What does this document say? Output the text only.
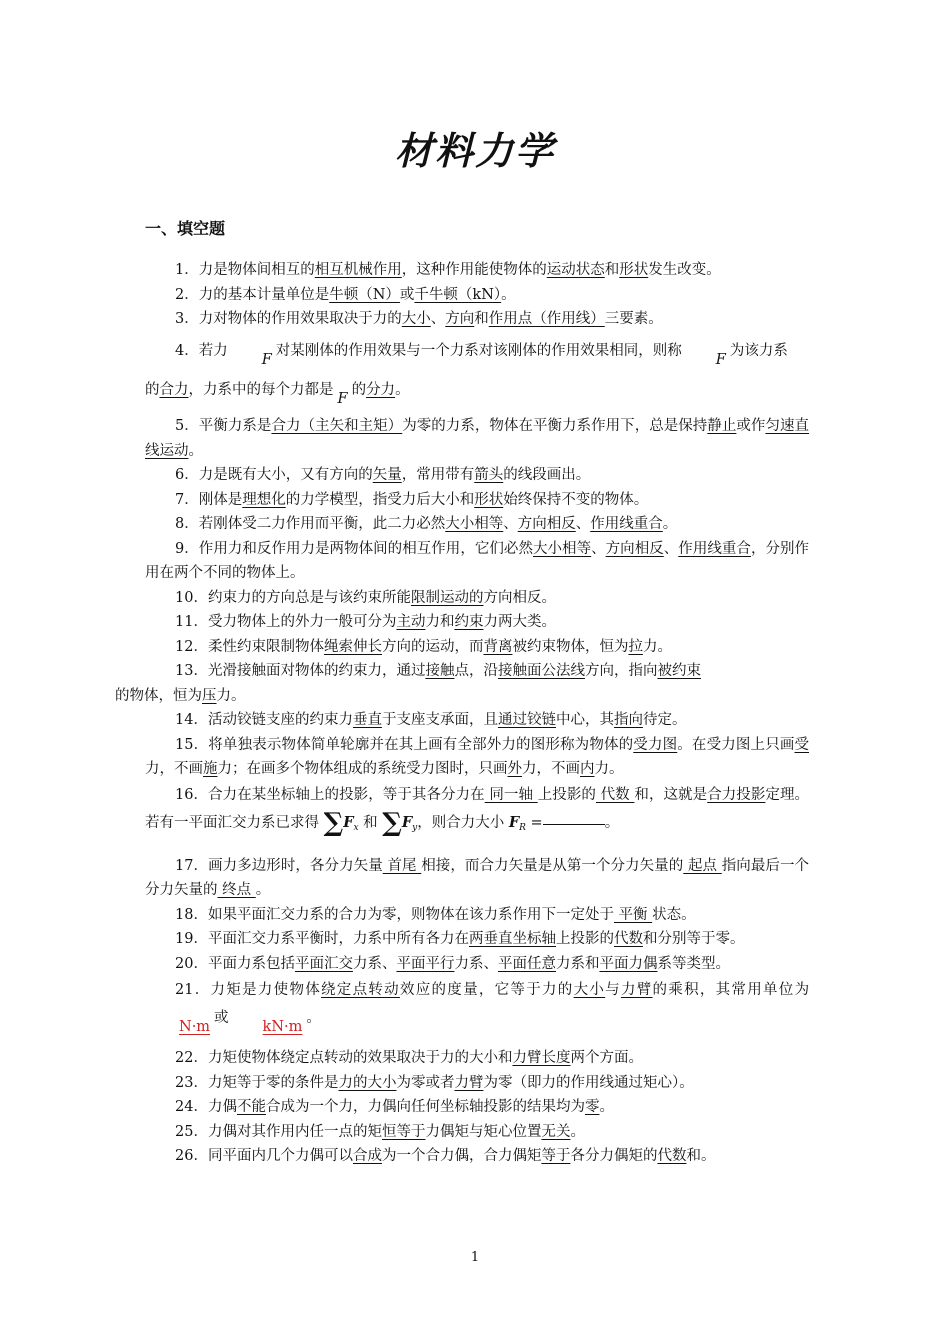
材料力学
一、填空题

1．力是物体间相互的相互机械作用，这种作用能使物体的运动状态和形状发生改变。

2．力的基本计量单位是牛顿（N）或千牛顿（kN）。

3．力对物体的作用效果取决于力的大小、方向和作用点（作用线）三要素。

4．若力F对某刚体的作用效果与一个力系对该刚体的作用效果相同，则称F为该力系

的合力，力系中的每个力都是F的分力。

5．平衡力系是合力（主矢和主矩）为零的力系，物体在平衡力系作用下，总是保持静止或作匀速直线运动。

6．力是既有大小，又有方向的矢量，常用带有箭头的线段画出。

7．刚体是理想化的力学模型，指受力后大小和形状始终保持不变的物体。

8．若刚体受二力作用而平衡，此二力必然大小相等、方向相反、作用线重合。

9．作用力和反作用力是两物体间的相互作用，它们必然大小相等、方向相反、作用线重合，分别作用在两个不同的物体上。

10．约束力的方向总是与该约束所能限制运动的方向相反。

11．受力物体上的外力一般可分为主动力和约束力两大类。

12．柔性约束限制物体绳索伸长方向的运动，而背离被约束物体，恒为拉力。

13．光滑接触面对物体的约束力，通过接触点，沿接触面公法线方向，指向被约束
的物体，恒为压力。

14．活动铰链支座的约束力垂直于支座支承面，且通过铰链中心，其指向待定。

15．将单独表示物体简单轮廓并在其上画有全部外力的图形称为物体的受力图。在受力图上只画受力，不画施力；在画多个物体组成的系统受力图时，只画外力，不画内力。

16．合力在某坐标轴上的投影，等于其各分力在 同一轴 上投影的 代数 和，这就是合力投影定理。若有一平面汇交力系已求得 $\sum F_x$ 和 $\sum F_y$，则合力大小 $F_R$ =	。

17．画力多边形时，各分力矢量 首尾 相接，而合力矢量是从第一个分力矢量的 起点 指向最后一个分力矢量的 终点 。

18．如果平面汇交力系的合力为零，则物体在该力系作用下一定处于 平衡 状态。

19．平面汇交力系平衡时，力系中所有各力在两垂直坐标轴上投影的代数和分别等于零。

20．平面力系包括平面汇交力系、平面平行力系、平面任意力系和平面力偶系等类型。

21．力矩是力使物体绕定点转动效应的度量，它等于力的大小与力臂的乘积，其常用单位为N·m或kN·m。

22．力矩使物体绕定点转动的效果取决于力的大小和力臂长度两个方面。

23．力矩等于零的条件是力的大小为零或者力臂为零（即力的作用线通过矩心）。

24．力偶不能合成为一个力，力偶向任何坐标轴投影的结果均为零。

25．力偶对其作用内任一点的矩恒等于力偶矩与矩心位置无关。

26．同平面内几个力偶可以合成为一个合力偶，合力偶矩等于各分力偶矩的代数和。

1
